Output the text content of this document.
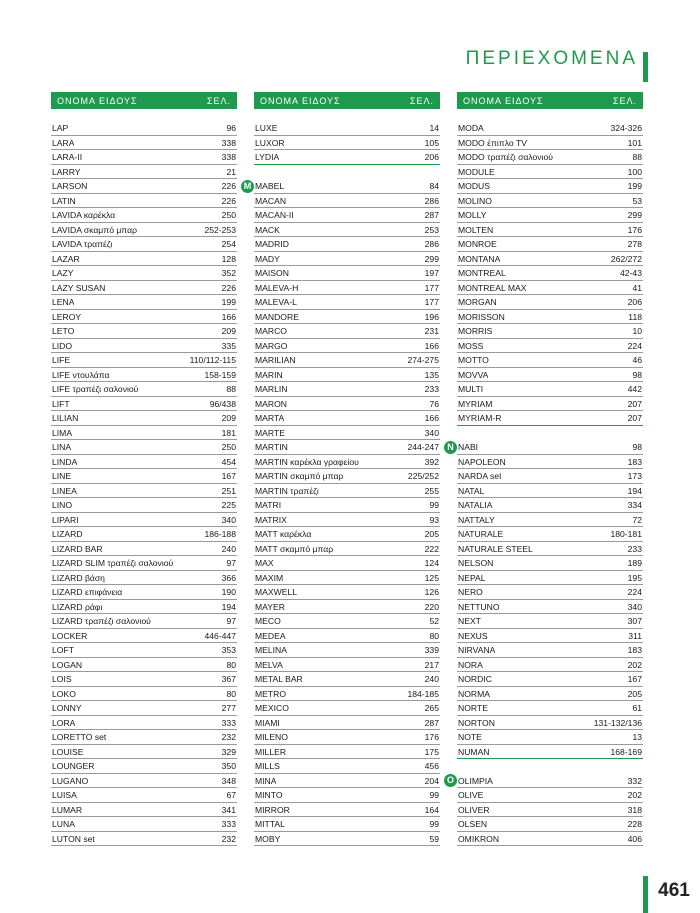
ΠΕΡΙΕΧΟΜΕΝΑ
ΟΝΟΜΑ ΕΙΔΟΥΣ	ΣΕΛ.
LAP	96
LARA	338
LARA-II	338
LARRY	21
LARSON	226
LATIN	226
LAVIDA καρέκλα	250
LAVIDA σκαμπό μπαρ	252-253
LAVIDA τραπέζι	254
LAZAR	128
LAZY	352
LAZY SUSAN	226
LENA	199
LEROY	166
LETO	209
LIDO	335
LIFE	110/112-115
LIFE ντουλάπα	158-159
LIFE τραπέζι σαλονιού	88
LIFT	96/438
LILIAN	209
LIMA	181
LINA	250
LINDA	454
LINE	167
LINEA	251
LINO	225
LIPARI	340
LIZARD	186-188
LIZARD BAR	240
LIZARD SLIM τραπέζι σαλονιού	97
LIZARD βάση	366
LIZARD επιφάνεια	190
LIZARD ράφι	194
LIZARD τραπέζι σαλονιού	97
LOCKER	446-447
LOFT	353
LOGAN	80
LOIS	367
LOKO	80
LONNY	277
LORA	333
LORETTO set	232
LOUISE	329
LOUNGER	350
LUGANO	348
LUISA	67
LUMAR	341
LUNA	333
LUTON set	232
ΟΝΟΜΑ ΕΙΔΟΥΣ	ΣΕΛ.
LUXE	14
LUXOR	105
LYDIA	206
M MABEL	84
MACAN	286
MACAN-II	287
MACK	253
MADRID	286
MADY	299
MAISON	197
MALEVA-H	177
MALEVA-L	177
MANDORE	196
MARCO	231
MARGO	166
MARILIAN	274-275
MARIN	135
MARLIN	233
MARON	76
MARTA	166
MARTE	340
MARTIN	244-247
MARTIN καρέκλα γραφείου	392
MARTIN σκαμπό μπαρ	225/252
MARTIN τραπέζι	255
MATRI	99
MATRIX	93
MATT καρέκλα	205
MATT σκαμπό μπαρ	222
MAX	124
MAXIM	125
MAXWELL	126
MAYER	220
MECO	52
MEDEA	80
MELINA	339
MELVA	217
METAL BAR	240
METRO	184-185
MEXICO	265
MIAMI	287
MILENO	176
MILLER	175
MILLS	456
MINA	204
MINTO	99
MIRROR	164
MITTAL	99
MOBY	59
ΟΝΟΜΑ ΕΙΔΟΥΣ	ΣΕΛ.
MODA	324-326
MODO έπιπλο TV	101
MODO τραπέζι σαλονιού	88
MODULE	100
MODUS	199
MOLINO	53
MOLLY	299
MOLTEN	176
MONROE	278
MONTANA	262/272
MONTREAL	42-43
MONTREAL MAX	41
MORGAN	206
MORISSON	118
MORRIS	10
MOSS	224
MOTTO	46
MOVVA	98
MULTI	442
MYRIAM	207
MYRIAM-R	207
N NABI	98
NAPOLEON	183
NARDA set	173
NATAL	194
NATALIA	334
NATTALY	72
NATURALE	180-181
NATURALE STEEL	233
NELSON	189
NEPAL	195
NERO	224
NETTUNO	340
NEXT	307
NEXUS	311
NIRVANA	183
NORA	202
NORDIC	167
NORMA	205
NORTE	61
NORTON	131-132/136
NOTE	13
NUMAN	168-169
O OLIMPIA	332
OLIVE	202
OLIVER	318
OLSEN	228
OMIKRON	406
461
